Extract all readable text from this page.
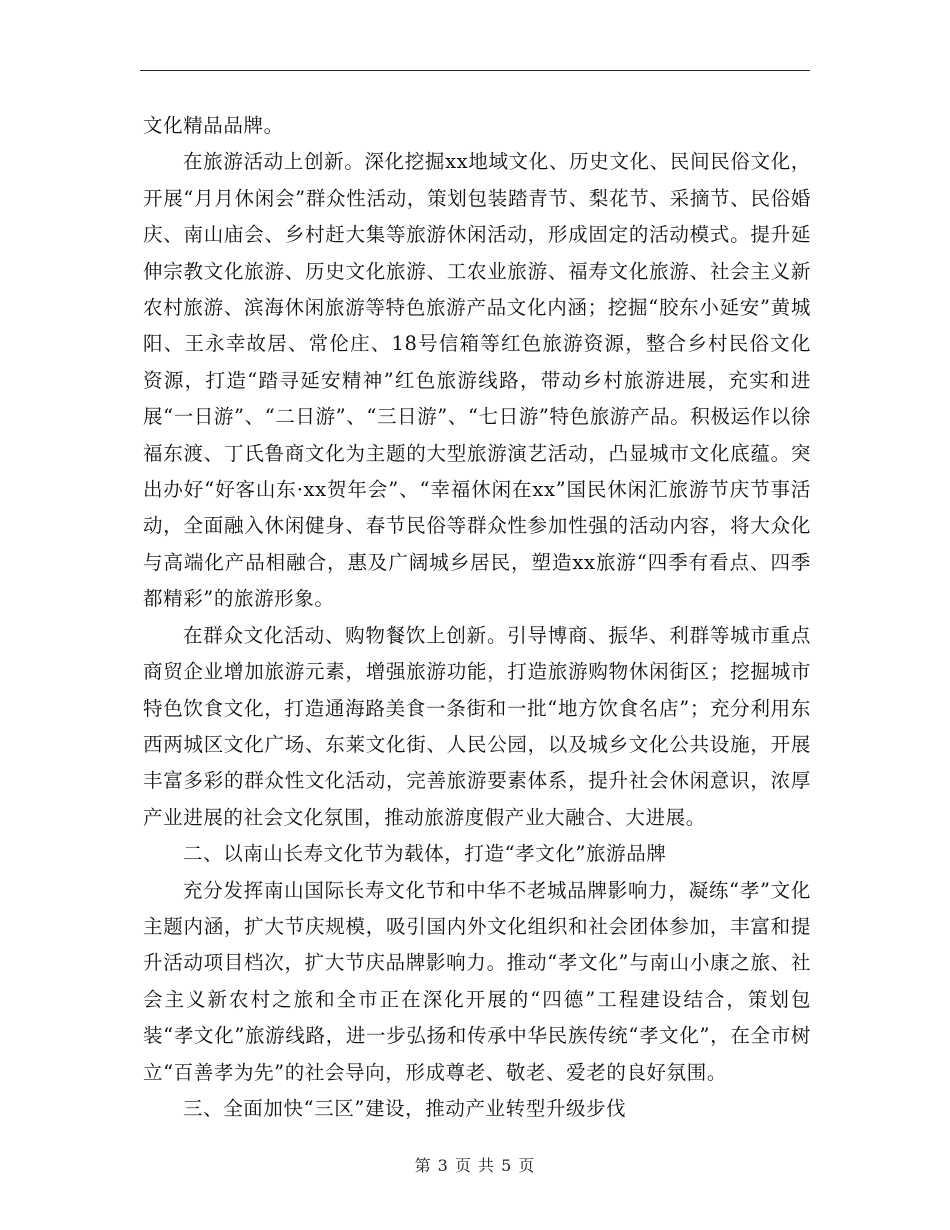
文化精品品牌。

在旅游活动上创新。深化挖掘xx地域文化、历史文化、民间民俗文化，开展“月月休闲会”群众性活动，策划包装踏青节、梨花节、采摘节、民俗婚庆、南山庙会、乡村赶大集等旅游休闲活动，形成固定的活动模式。提升延伸宗教文化旅游、历史文化旅游、工农业旅游、福寿文化旅游、社会主义新农村旅游、滨海休闲旅游等特色旅游产品文化内涵；挖掘“胶东小延安”黄城阳、王永幸故居、常伦庄、18号信箱等红色旅游资源，整合乡村民俗文化资源，打造“踏寻延安精神”红色旅游线路，带动乡村旅游进展，充实和进展“一日游”、“二日游”、“三日游”、“七日游”特色旅游产品。积极运作以徐福东渡、丁氏鲁商文化为主题的大型旅游演艺活动，凸显城市文化底蕴。突出办好“好客山东·xx贺年会”、“幸福休闲在xx”国民休闲汇旅游节庆节事活动，全面融入休闲健身、春节民俗等群众性参加性强的活动内容，将大众化与高端化产品相融合，惠及广阔城乡居民，塑造xx旅游“四季有看点、四季都精彩”的旅游形象。

在群众文化活动、购物餐饮上创新。引导博商、振华、利群等城市重点商贸企业增加旅游元素，增强旅游功能，打造旅游购物休闲街区；挖掘城市特色饮食文化，打造通海路美食一条街和一批“地方饮食名店”；充分利用东西两城区文化广场、东莱文化街、人民公园，以及城乡文化公共设施，开展丰富多彩的群众性文化活动，完善旅游要素体系，提升社会休闲意识，浓厚产业进展的社会文化氛围，推动旅游度假产业大融合、大进展。

二、以南山长寿文化节为载体，打造“孝文化”旅游品牌

充分发挥南山国际长寿文化节和中华不老城品牌影响力，凝练“孝”文化主题内涵，扩大节庆规模，吸引国内外文化组织和社会团体参加，丰富和提升活动项目档次，扩大节庆品牌影响力。推动“孝文化”与南山小康之旅、社会主义新农村之旅和全市正在深化开展的“四德”工程建设结合，策划包装“孝文化”旅游线路，进一步弘扬和传承中华民族传统“孝文化”，在全市树立“百善孝为先”的社会导向，形成尊老、敬老、爱老的良好氛围。

三、全面加快“三区”建设，推动产业转型升级步伐

第 3 页 共 5 页
